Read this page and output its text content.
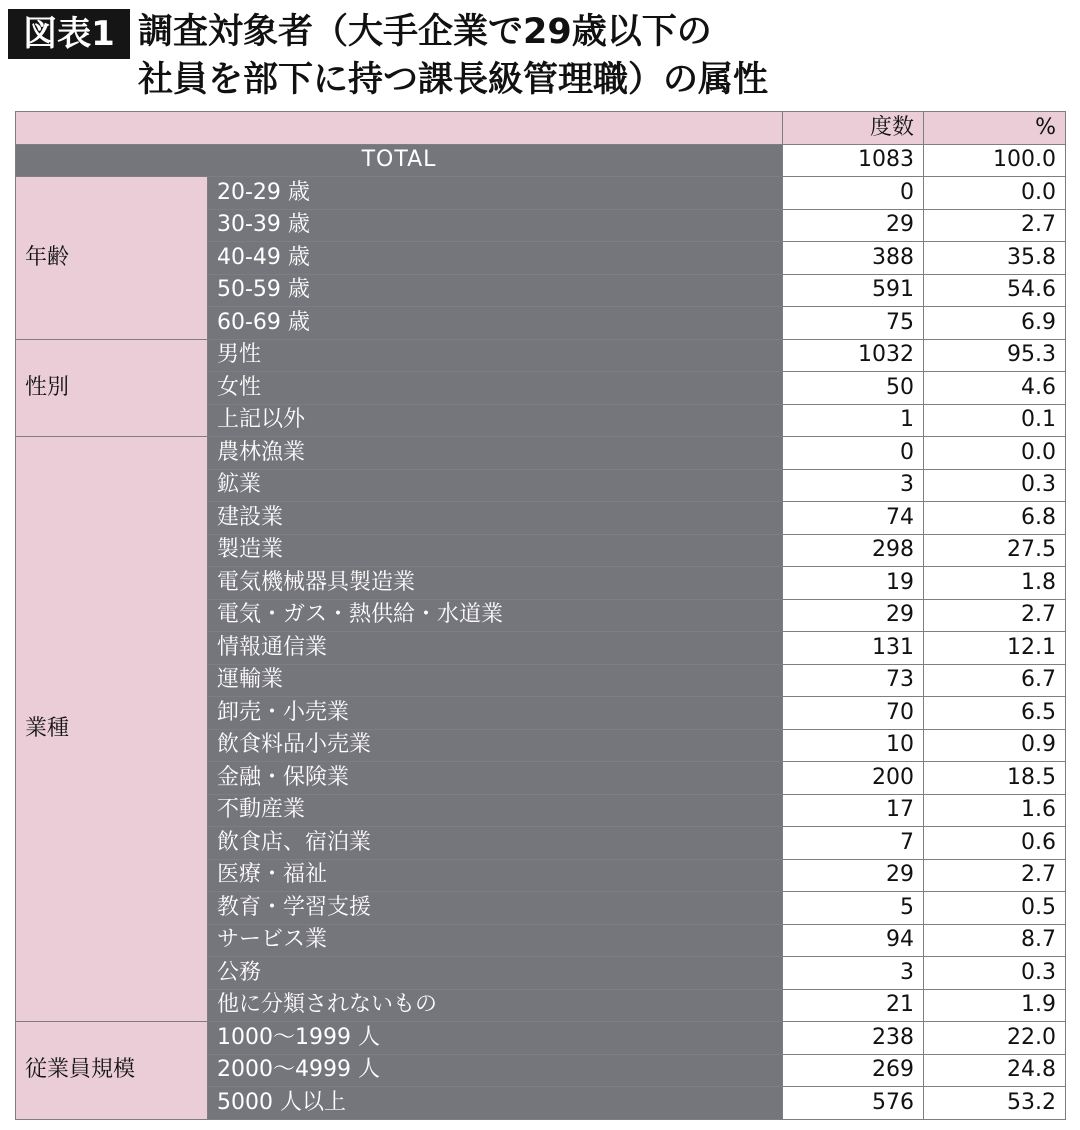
図表1 調査対象者（大手企業で29歳以下の
社員を部下に持つ課長級管理職）の属性
		度数	%
TOTAL		1083	100.0
年齢	20-29 歳	0	0.0
	30-39 歳	29	2.7
	40-49 歳	388	35.8
	50-59 歳	591	54.6
	60-69 歳	75	6.9
性別	男性	1032	95.3
	女性	50	4.6
	上記以外	1	0.1
業種	農林漁業	0	0.0
	鉱業	3	0.3
	建設業	74	6.8
	製造業	298	27.5
	電気機械器具製造業	19	1.8
	電気・ガス・熱供給・水道業	29	2.7
	情報通信業	131	12.1
	運輸業	73	6.7
	卸売・小売業	70	6.5
	飲食料品小売業	10	0.9
	金融・保険業	200	18.5
	不動産業	17	1.6
	飲食店、宿泊業	7	0.6
	医療・福祉	29	2.7
	教育・学習支援	5	0.5
	サービス業	94	8.7
	公務	3	0.3
	他に分類されないもの	21	1.9
従業員規模	1000～1999 人	238	22.0
	2000～4999 人	269	24.8
	5000 人以上	576	53.2
